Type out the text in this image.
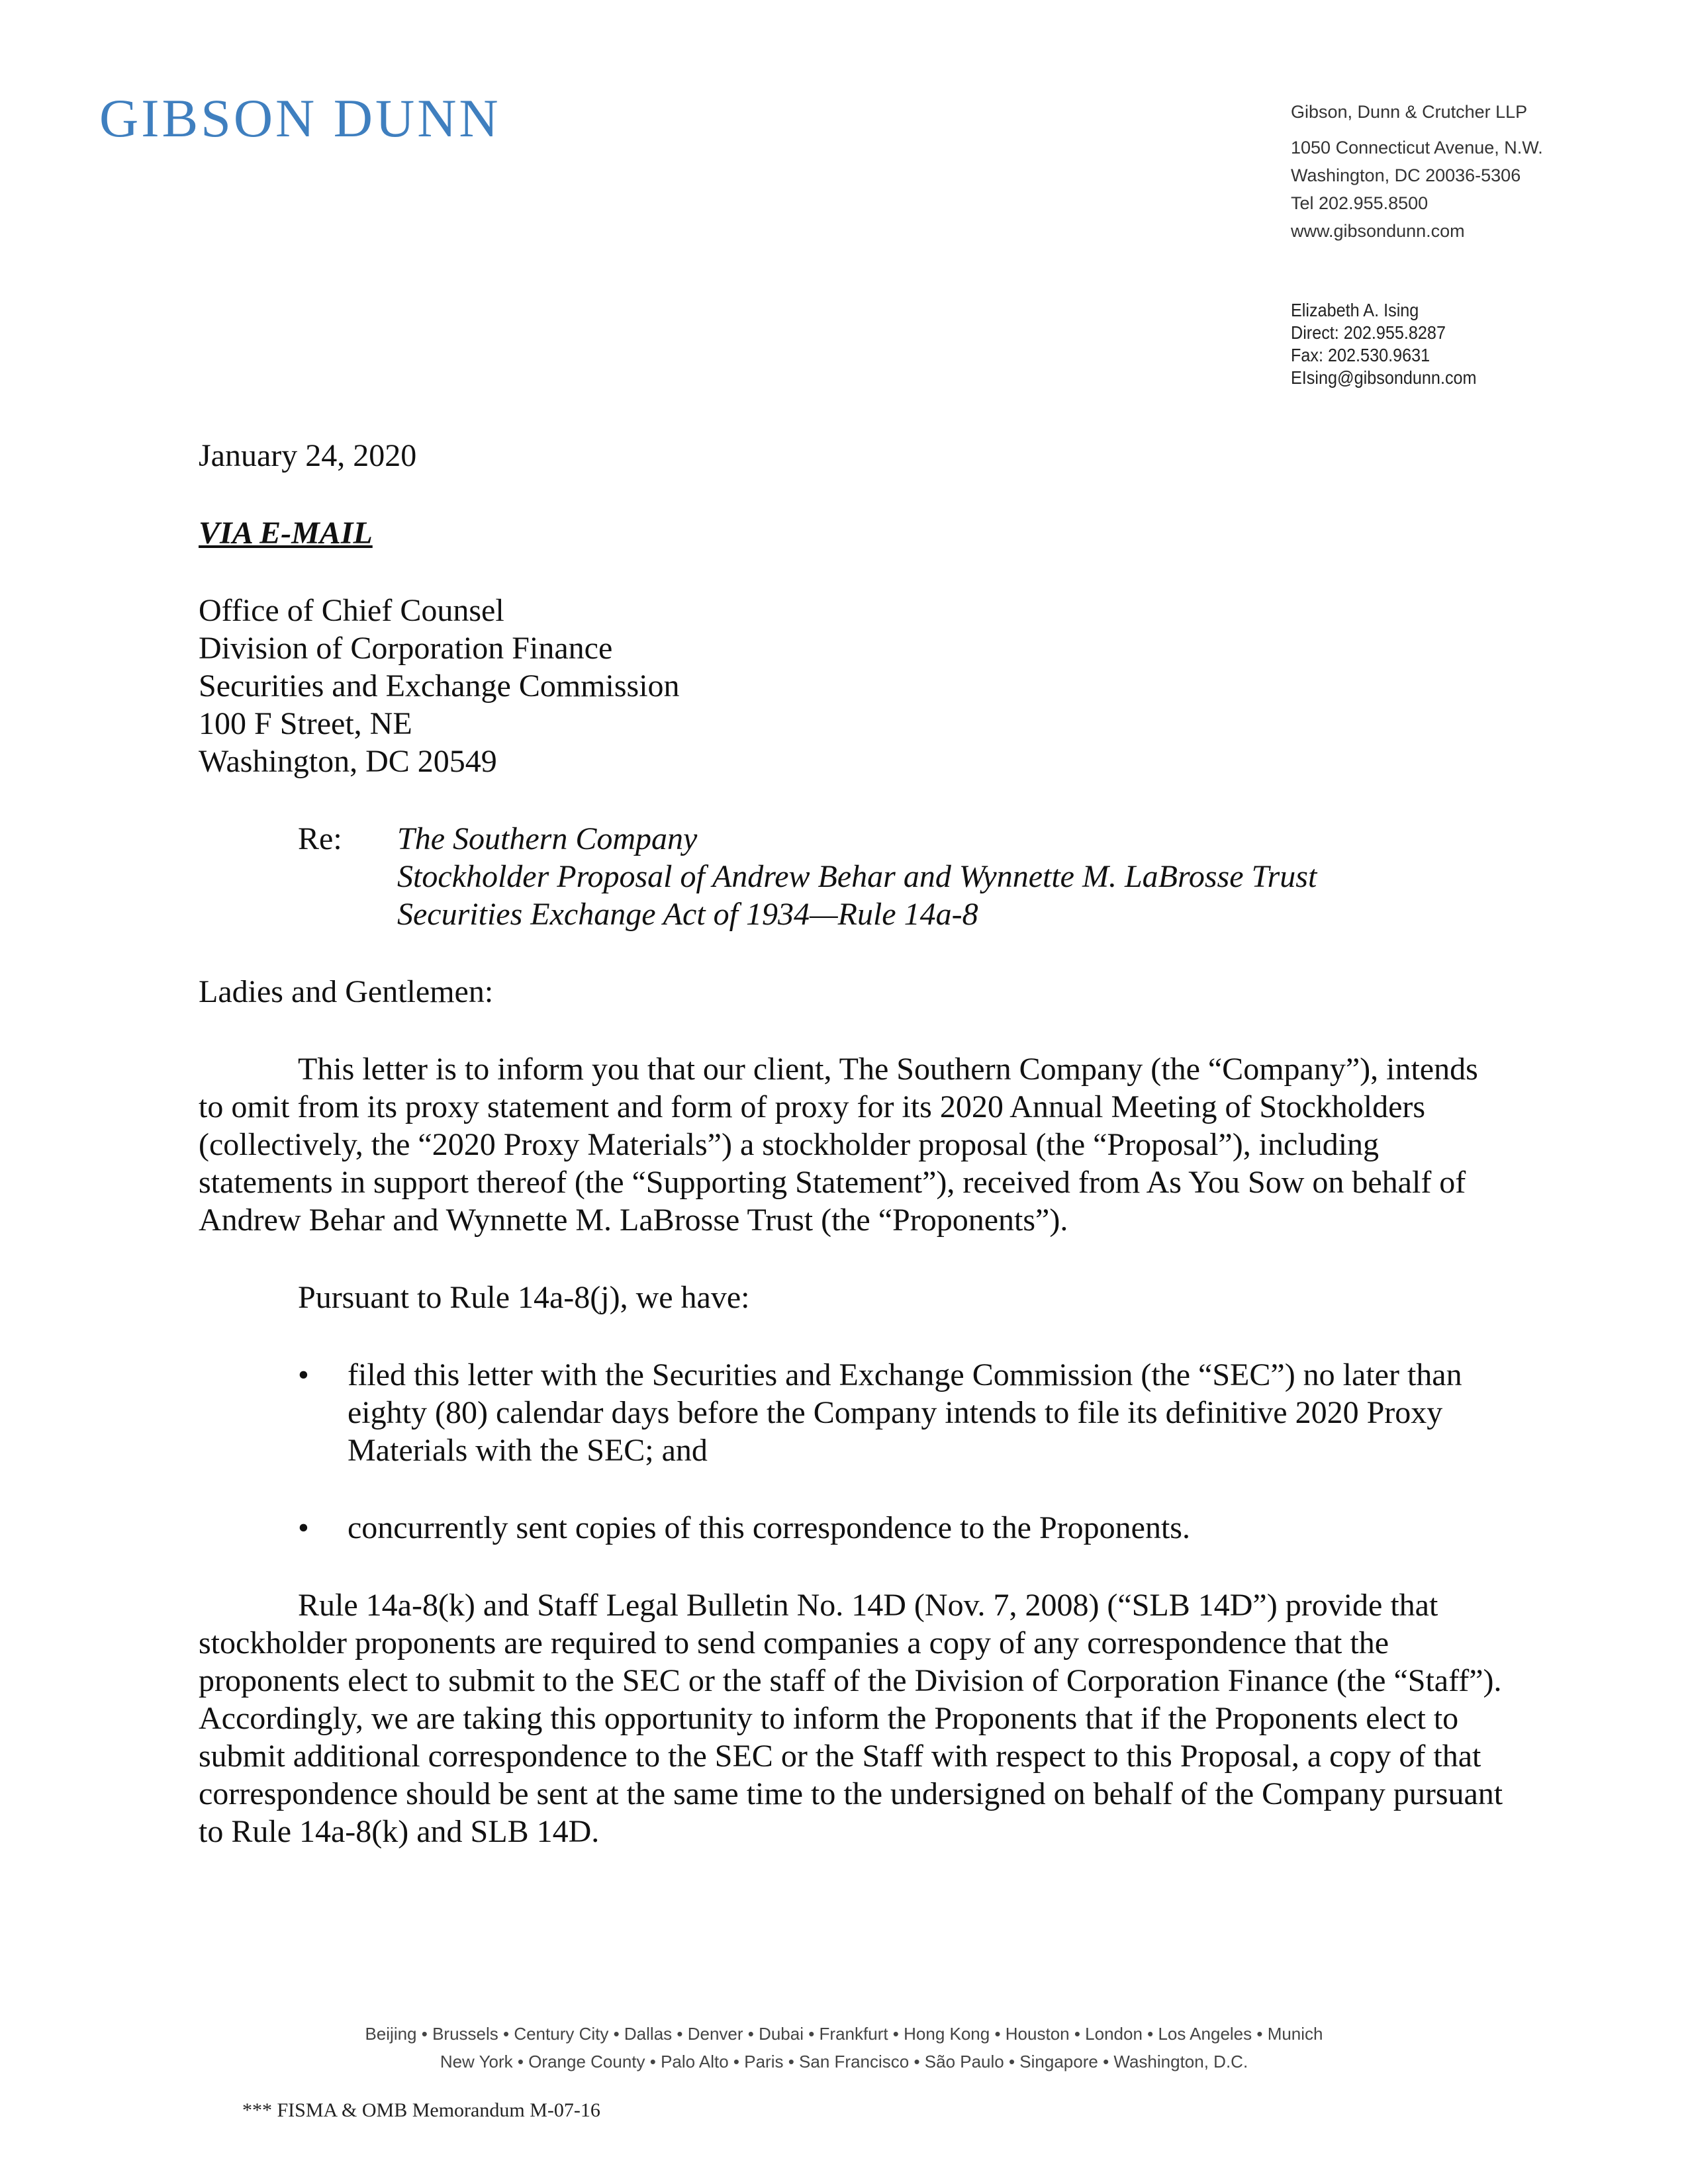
GIBSON DUNN	Gibson, Dunn & Crutcher LLP
1050 Connecticut Avenue, N.W.
Washington, DC 20036-5306
Tel 202.955.8500
www.gibsondunn.com
Elizabeth A. Ising
Direct: 202.955.8287
Fax: 202.530.9631
EIsing@gibsondunn.com

January 24, 2020

VIA E-MAIL

Office of Chief Counsel
Division of Corporation Finance
Securities and Exchange Commission
100 F Street, NE
Washington, DC 20549
Re:	The Southern Company
Stockholder Proposal of Andrew Behar and Wynnette M. LaBrosse Trust
Securities Exchange Act of 1934—Rule 14a-8

Ladies and Gentlemen:

This letter is to inform you that our client, The Southern Company (the “Company”), intends to omit from its proxy statement and form of proxy for its 2020 Annual Meeting of Stockholders (collectively, the “2020 Proxy Materials”) a stockholder proposal (the “Proposal”), including statements in support thereof (the “Supporting Statement”), received from As You Sow on behalf of Andrew Behar and Wynnette M. LaBrosse Trust (the “Proponents”).

Pursuant to Rule 14a-8(j), we have:

•	filed this letter with the Securities and Exchange Commission (the “SEC”) no later than eighty (80) calendar days before the Company intends to file its definitive 2020 Proxy Materials with the SEC; and
•	concurrently sent copies of this correspondence to the Proponents.

Rule 14a-8(k) and Staff Legal Bulletin No. 14D (Nov. 7, 2008) (“SLB 14D”) provide that stockholder proponents are required to send companies a copy of any correspondence that the proponents elect to submit to the SEC or the staff of the Division of Corporation Finance (the “Staff”). Accordingly, we are taking this opportunity to inform the Proponents that if the Proponents elect to submit additional correspondence to the SEC or the Staff with respect to this Proposal, a copy of that correspondence should be sent at the same time to the undersigned on behalf of the Company pursuant to Rule 14a-8(k) and SLB 14D.

Beijing • Brussels • Century City • Dallas • Denver • Dubai • Frankfurt • Hong Kong • Houston • London • Los Angeles • Munich
New York • Orange County • Palo Alto • Paris • San Francisco • São Paulo • Singapore • Washington, D.C.
*** FISMA & OMB Memorandum M-07-16
